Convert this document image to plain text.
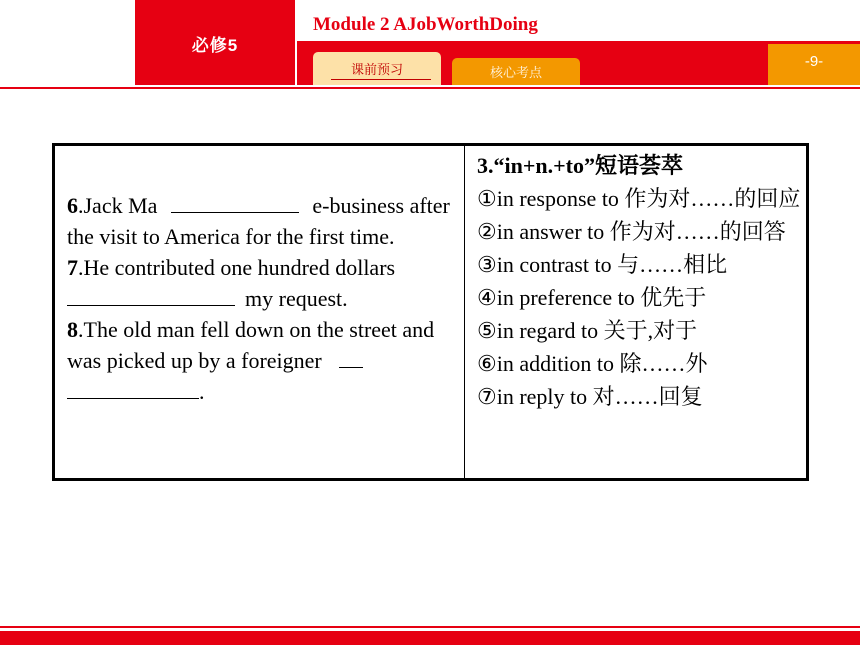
必修5
Module 2 AJobWorthDoing
-9-
课前预习	核心考点
6.Jack Ma	e-business after the visit to America for the first time.
7.He contributed one hundred dollars my request.
8.The old man fell down on the street and was picked up by a foreigner
.
3.“in+n.+to”短语荟萃
①in response to 作为对……的回应
②in answer to 作为对……的回答
③in contrast to 与……相比
④in preference to 优先于
⑤in regard to 关于,对于
⑥in addition to 除……外
⑦in reply to 对……回复
